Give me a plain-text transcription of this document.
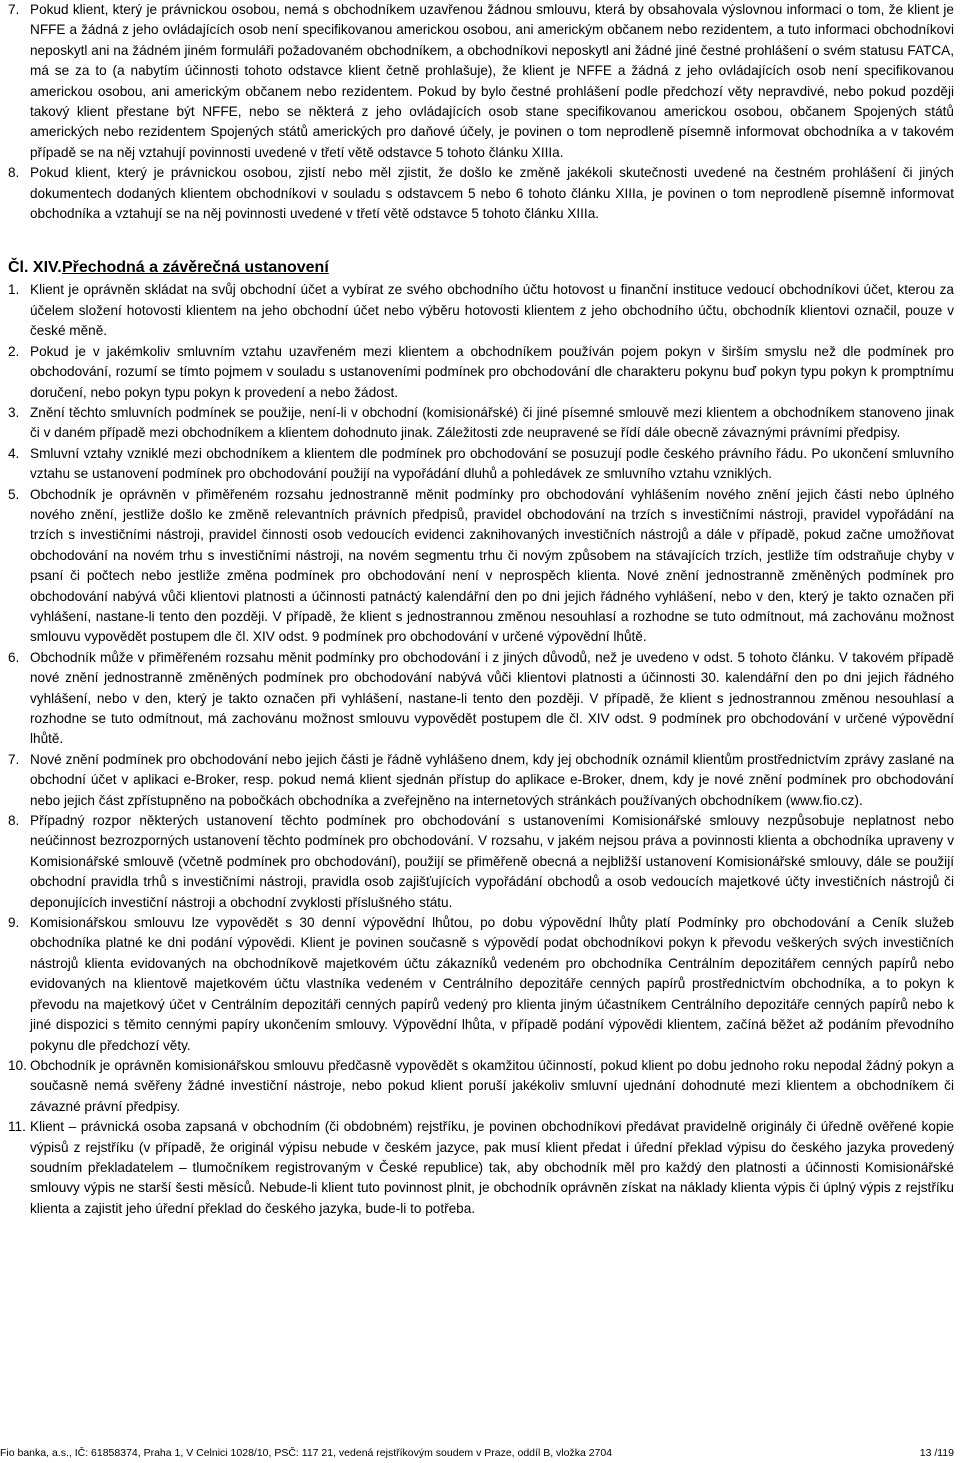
7. Pokud klient, který je právnickou osobou, nemá s obchodníkem uzavřenou žádnou smlouvu, která by obsahovala výslovnou informaci o tom, že klient je NFFE a žádná z jeho ovládajících osob není specifikovanou americkou osobou, ani americkým občanem nebo rezidentem, a tuto informaci obchodníkovi neposkytl ani na žádném jiném formuláři požadovaném obchodníkem, a obchodníkovi neposkytl ani žádné jiné čestné prohlášení o svém statusu FATCA, má se za to (a nabytím účinnosti tohoto odstavce klient četně prohlašuje), že klient je NFFE a žádná z jeho ovládajících osob není specifikovanou americkou osobou, ani americkým občanem nebo rezidentem. Pokud by bylo čestné prohlášení podle předchozí věty nepravdivé, nebo pokud později takový klient přestane být NFFE, nebo se některá z jeho ovládajících osob stane specifikovanou americkou osobou, občanem Spojených států amerických nebo rezidentem Spojených států amerických pro daňové účely, je povinen o tom neprodleně písemně informovat obchodníka a v takovém případě se na něj vztahují povinnosti uvedené v třetí větě odstavce 5 tohoto článku XIIIa.
8. Pokud klient, který je právnickou osobou, zjistí nebo měl zjistit, že došlo ke změně jakékoli skutečnosti uvedené na čestném prohlášení či jiných dokumentech dodaných klientem obchodníkovi v souladu s odstavcem 5 nebo 6 tohoto článku XIIIa, je povinen o tom neprodleně písemně informovat obchodníka a vztahují se na něj povinnosti uvedené v třetí větě odstavce 5 tohoto článku XIIIa.
Čl. XIV.Přechodná a závěrečná ustanovení
1. Klient je oprávněn skládat na svůj obchodní účet a vybírat ze svého obchodního účtu hotovost u finanční instituce vedoucí obchodníkovi účet, kterou za účelem složení hotovosti klientem na jeho obchodní účet nebo výběru hotovosti klientem z jeho obchodního účtu, obchodník klientovi označil, pouze v české měně.
2. Pokud je v jakémkoliv smluvním vztahu uzavřeném mezi klientem a obchodníkem používán pojem pokyn v širším smyslu než dle podmínek pro obchodování, rozumí se tímto pojmem v souladu s ustanoveními podmínek pro obchodování dle charakteru pokynu buď pokyn typu pokyn k promptnímu doručení, nebo pokyn typu pokyn k provedení a nebo žádost.
3. Znění těchto smluvních podmínek se použije, není-li v obchodní (komisionářské) či jiné písemné smlouvě mezi klientem a obchodníkem stanoveno jinak či v daném případě mezi obchodníkem a klientem dohodnuto jinak. Záležitosti zde neupravené se řídí dále obecně závaznými právními předpisy.
4. Smluvní vztahy vzniklé mezi obchodníkem a klientem dle podmínek pro obchodování se posuzují podle českého právního řádu. Po ukončení smluvního vztahu se ustanovení podmínek pro obchodování použijí na vypořádání dluhů a pohledávek ze smluvního vztahu vzniklých.
5. Obchodník je oprávněn v přiměřeném rozsahu jednostranně měnit podmínky pro obchodování vyhlášením nového znění jejich části nebo úplného nového znění, jestliže došlo ke změně relevantních právních předpisů, pravidel obchodování na trzích s investičními nástroji, pravidel vypořádání na trzích s investičními nástroji, pravidel činnosti osob vedoucích evidenci zaknihovaných investičních nástrojů a dále v případě, pokud začne umožňovat obchodování na novém trhu s investičními nástroji, na novém segmentu trhu či novým způsobem na stávajících trzích, jestliže tím odstraňuje chyby v psaní či počtech nebo jestliže změna podmínek pro obchodování není v neprospěch klienta. Nové znění jednostranně změněných podmínek pro obchodování nabývá vůči klientovi platnosti a účinnosti patnáctý kalendářní den po dni jejich řádného vyhlášení, nebo v den, který je takto označen při vyhlášení, nastane-li tento den později. V případě, že klient s jednostrannou změnou nesouhlasí a rozhodne se tuto odmítnout, má zachovánu možnost smlouvu vypovědět postupem dle čl. XIV odst. 9 podmínek pro obchodování v určené výpovědní lhůtě.
6. Obchodník může v přiměřeném rozsahu měnit podmínky pro obchodování i z jiných důvodů, než je uvedeno v odst. 5 tohoto článku. V takovém případě nové znění jednostranně změněných podmínek pro obchodování nabývá vůči klientovi platnosti a účinnosti 30. kalendářní den po dni jejich řádného vyhlášení, nebo v den, který je takto označen při vyhlášení, nastane-li tento den později. V případě, že klient s jednostrannou změnou nesouhlasí a rozhodne se tuto odmítnout, má zachovánu možnost smlouvu vypovědět postupem dle čl. XIV odst. 9 podmínek pro obchodování v určené výpovědní lhůtě.
7. Nové znění podmínek pro obchodování nebo jejich části je řádně vyhlášeno dnem, kdy jej obchodník oznámil klientům prostřednictvím zprávy zaslané na obchodní účet v aplikaci e-Broker, resp. pokud nemá klient sjednán přístup do aplikace e-Broker, dnem, kdy je nové znění podmínek pro obchodování nebo jejich část zpřístupněno na pobočkách obchodníka a zveřejněno na internetových stránkách používaných obchodníkem (www.fio.cz).
8. Případný rozpor některých ustanovení těchto podmínek pro obchodování s ustanoveními Komisionářské smlouvy nezpůsobuje neplatnost nebo neúčinnost bezrozporných ustanovení těchto podmínek pro obchodování. V rozsahu, v jakém nejsou práva a povinnosti klienta a obchodníka upraveny v Komisionářské smlouvě (včetně podmínek pro obchodování), použijí se přiměřeně obecná a nejbližší ustanovení Komisionářské smlouvy, dále se použijí obchodní pravidla trhů s investičními nástroji, pravidla osob zajišťujících vypořádání obchodů a osob vedoucích majetkové účty investičních nástrojů či deponujících investiční nástroji a obchodní zvyklosti příslušného státu.
9. Komisionářskou smlouvu lze vypovědět s 30 denní výpovědní lhůtou, po dobu výpovědní lhůty platí Podmínky pro obchodování a Ceník služeb obchodníka platné ke dni podání výpovědi. Klient je povinen současně s výpovědí podat obchodníkovi pokyn k převodu veškerých svých investičních nástrojů klienta evidovaných na obchodníkově majetkovém účtu zákazníků vedeném pro obchodníka Centrálním depozitářem cenných papírů nebo evidovaných na klientově majetkovém účtu vlastníka vedeném v Centrálního depozitáře cenných papírů prostřednictvím obchodníka, a to pokyn k převodu na majetkový účet v Centrálním depozitáři cenných papírů vedený pro klienta jiným účastníkem Centrálního depozitáře cenných papírů nebo k jiné dispozici s těmito cennými papíry ukončením smlouvy. Výpovědní lhůta, v případě podání výpovědi klientem, začíná běžet až podáním převodního pokynu dle předchozí věty.
10. Obchodník je oprávněn komisionářskou smlouvu předčasně vypovědět s okamžitou účinností, pokud klient po dobu jednoho roku nepodal žádný pokyn a současně nemá svěřeny žádné investiční nástroje, nebo pokud klient poruší jakékoliv smluvní ujednání dohodnuté mezi klientem a obchodníkem či závazné právní předpisy.
11. Klient – právnická osoba zapsaná v obchodním (či obdobném) rejstříku, je povinen obchodníkovi předávat pravidelně originály či úředně ověřené kopie výpisů z rejstříku (v případě, že originál výpisu nebude v českém jazyce, pak musí klient předat i úřední překlad výpisu do českého jazyka provedený soudním překladatelem – tlumočníkem registrovaným v České republice) tak, aby obchodník měl pro každý den platnosti a účinnosti Komisionářské smlouvy výpis ne starší šesti měsíců. Nebude-li klient tuto povinnost plnit, je obchodník oprávněn získat na náklady klienta výpis či úplný výpis z rejstříku klienta a zajistit jeho úřední překlad do českého jazyka, bude-li to potřeba.
Fio banka, a.s., IČ: 61858374, Praha 1, V Celnici 1028/10, PSČ: 117 21, vedená rejstříkovým soudem v Praze, oddíl B, vložka 2704	13 /119
